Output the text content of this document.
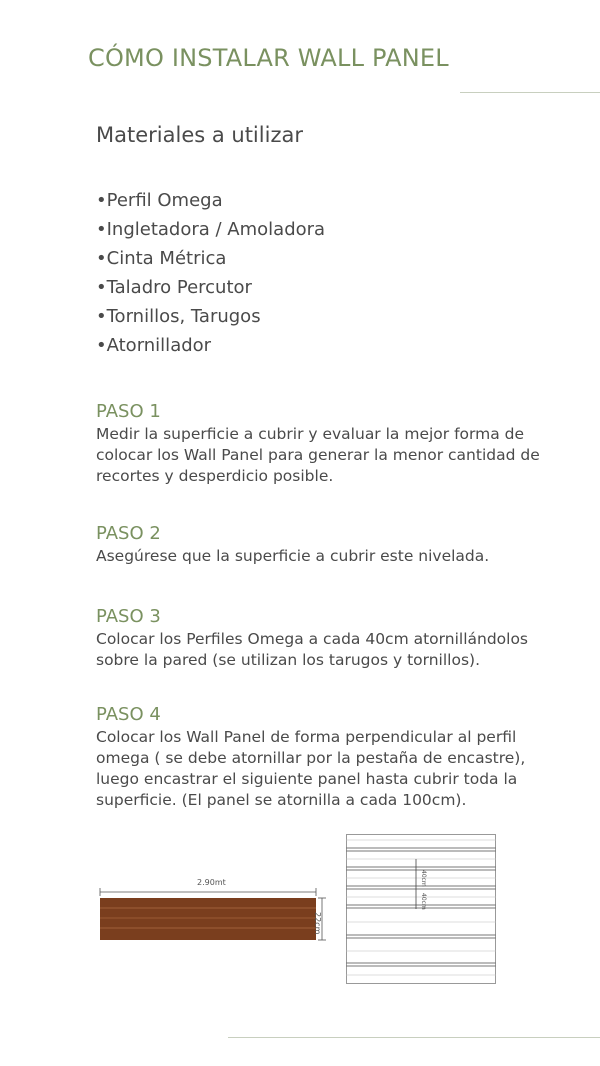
CÓMO INSTALAR WALL PANEL
Materiales a utilizar
• Perfil Omega
• Ingletadora / Amoladora
• Cinta Métrica
• Taladro Percutor
• Tornillos, Tarugos
• Atornillador
PASO 1
Medir la superficie a cubrir y evaluar la mejor forma de colocar los Wall Panel para generar la menor cantidad de recortes y desperdicio posible.
PASO 2
Asegúrese que la superficie a cubrir este nivelada.
PASO 3
Colocar los Perfiles Omega a cada 40cm atornillándolos sobre la pared (se utilizan los tarugos y tornillos).
PASO 4
Colocar los Wall Panel de forma perpendicular al perfil omega ( se debe atornillar por la pestaña de encastre), luego encastrar el siguiente panel hasta cubrir toda la superficie. (El panel se atornilla a cada 100cm).
2.90mt
22cm
40cm
40cm
